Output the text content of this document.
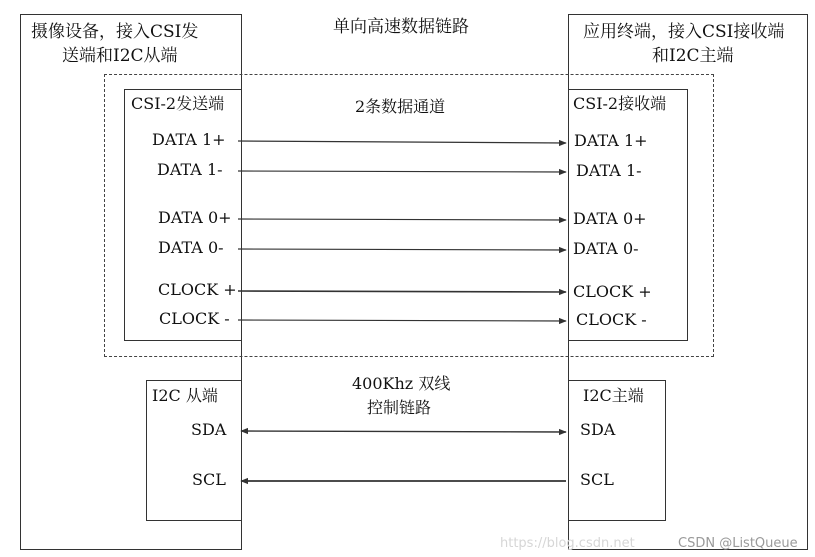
摄像设备，接入CSI发
送端和I2C从端
应用终端，接入CSI接收端
和I2C主端
单向高速数据链路
CSI-2发送端	CSI-2接收端
2条数据通道
DATA 1+
DATA 1-
DATA 0+
DATA 0-
CLOCK +
CLOCK -
DATA 1+
DATA 1-
DATA 0+
DATA 0-
CLOCK +
CLOCK -
I2C 从端	I2C主端
400Khz 双线
控制链路
SDA	SDA
SCL	SCL
https://blog.csdn.net	CSDN @ListQueue
